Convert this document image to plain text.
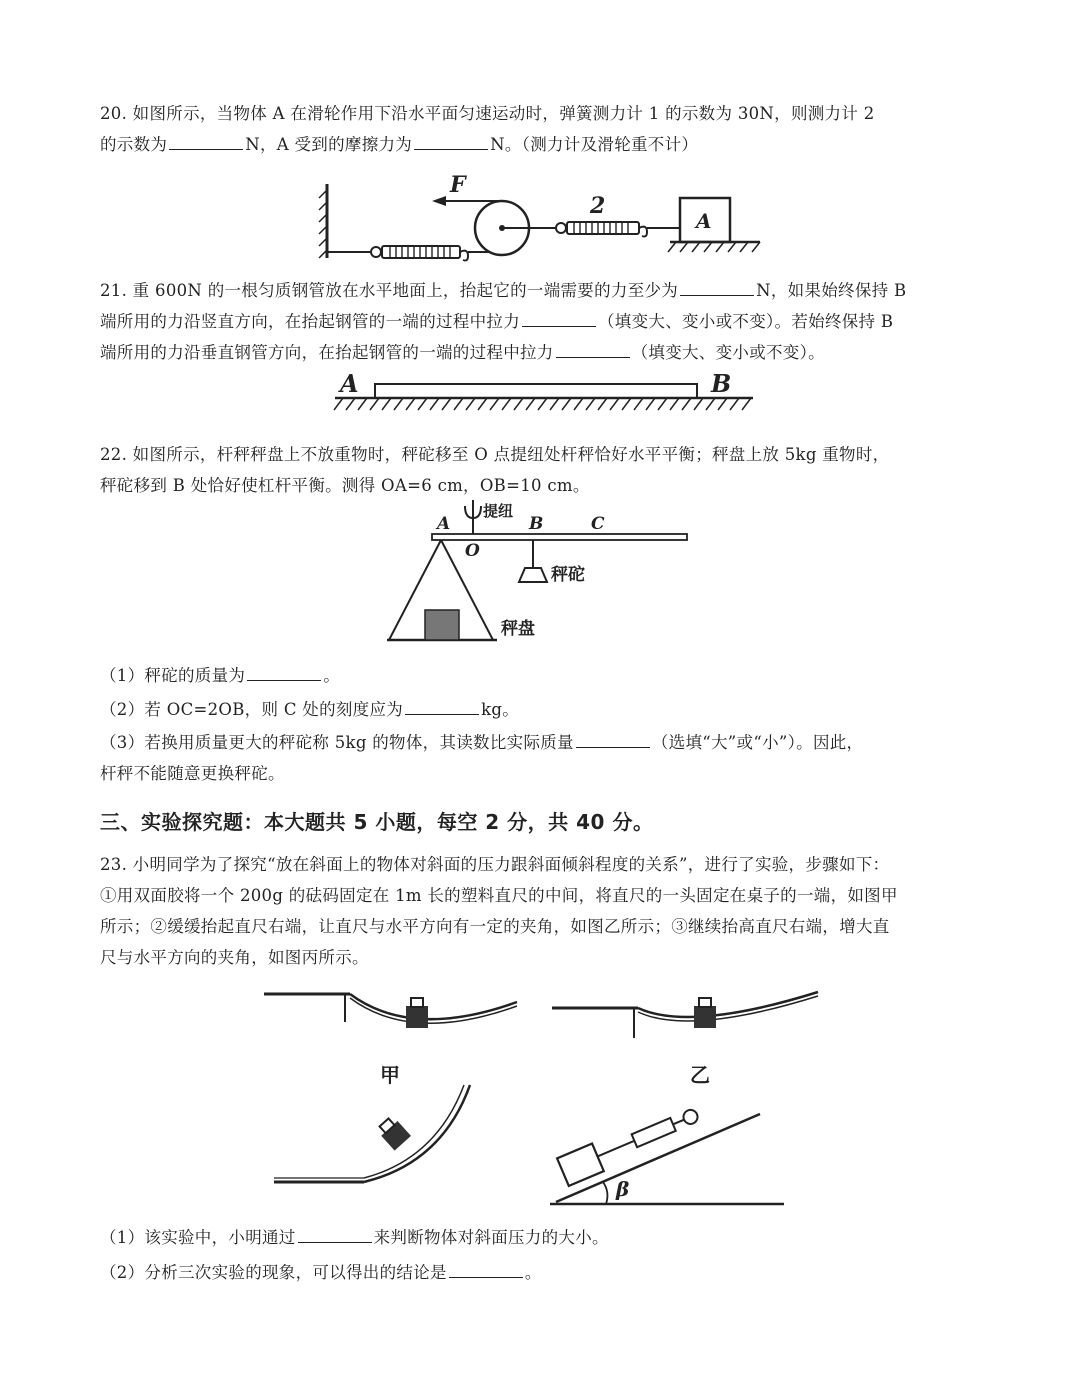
20. 如图所示，当物体 A 在滑轮作用下沿水平面匀速运动时，弹簧测力计 1 的示数为 30N，则测力计 2
的示数为	N，A 受到的摩擦力为	N。（测力计及滑轮重不计）
F
2
A
21. 重 600N 的一根匀质钢管放在水平地面上，抬起它的一端需要的力至少为	N，如果始终保持 B
端所用的力沿竖直方向，在抬起钢管的一端的过程中拉力	（填变大、变小或不变）。若始终保持 B
端所用的力沿垂直钢管方向，在抬起钢管的一端的过程中拉力	（填变大、变小或不变）。
A	B
22. 如图所示，杆秤秤盘上不放重物时，秤砣移至 O 点提纽处杆秤恰好水平平衡；秤盘上放 5kg 重物时，
秤砣移到 B 处恰好使杠杆平衡。测得 OA=6 cm，OB=10 cm。
提纽
A	B	C
O
秤盘
秤砣
（1）秤砣的质量为	。
（2）若 OC=2OB，则 C 处的刻度应为	kg。
（3）若换用质量更大的秤砣称 5kg 的物体，其读数比实际质量	（选填“大”或“小”）。因此，
杆秤不能随意更换秤砣。
三、实验探究题：本大题共 5 小题，每空 2 分，共 40 分。
23. 小明同学为了探究“放在斜面上的物体对斜面的压力跟斜面倾斜程度的关系”，进行了实验，步骤如下：
①用双面胶将一个 200g 的砝码固定在 1m 长的塑料直尺的中间，将直尺的一头固定在桌子的一端，如图甲
所示；②缓缓抬起直尺右端，让直尺与水平方向有一定的夹角，如图乙所示；③继续抬高直尺右端，增大直
尺与水平方向的夹角，如图丙所示。
甲	乙
β
（1）该实验中，小明通过	来判断物体对斜面压力的大小。
（2）分析三次实验的现象，可以得出的结论是	。
